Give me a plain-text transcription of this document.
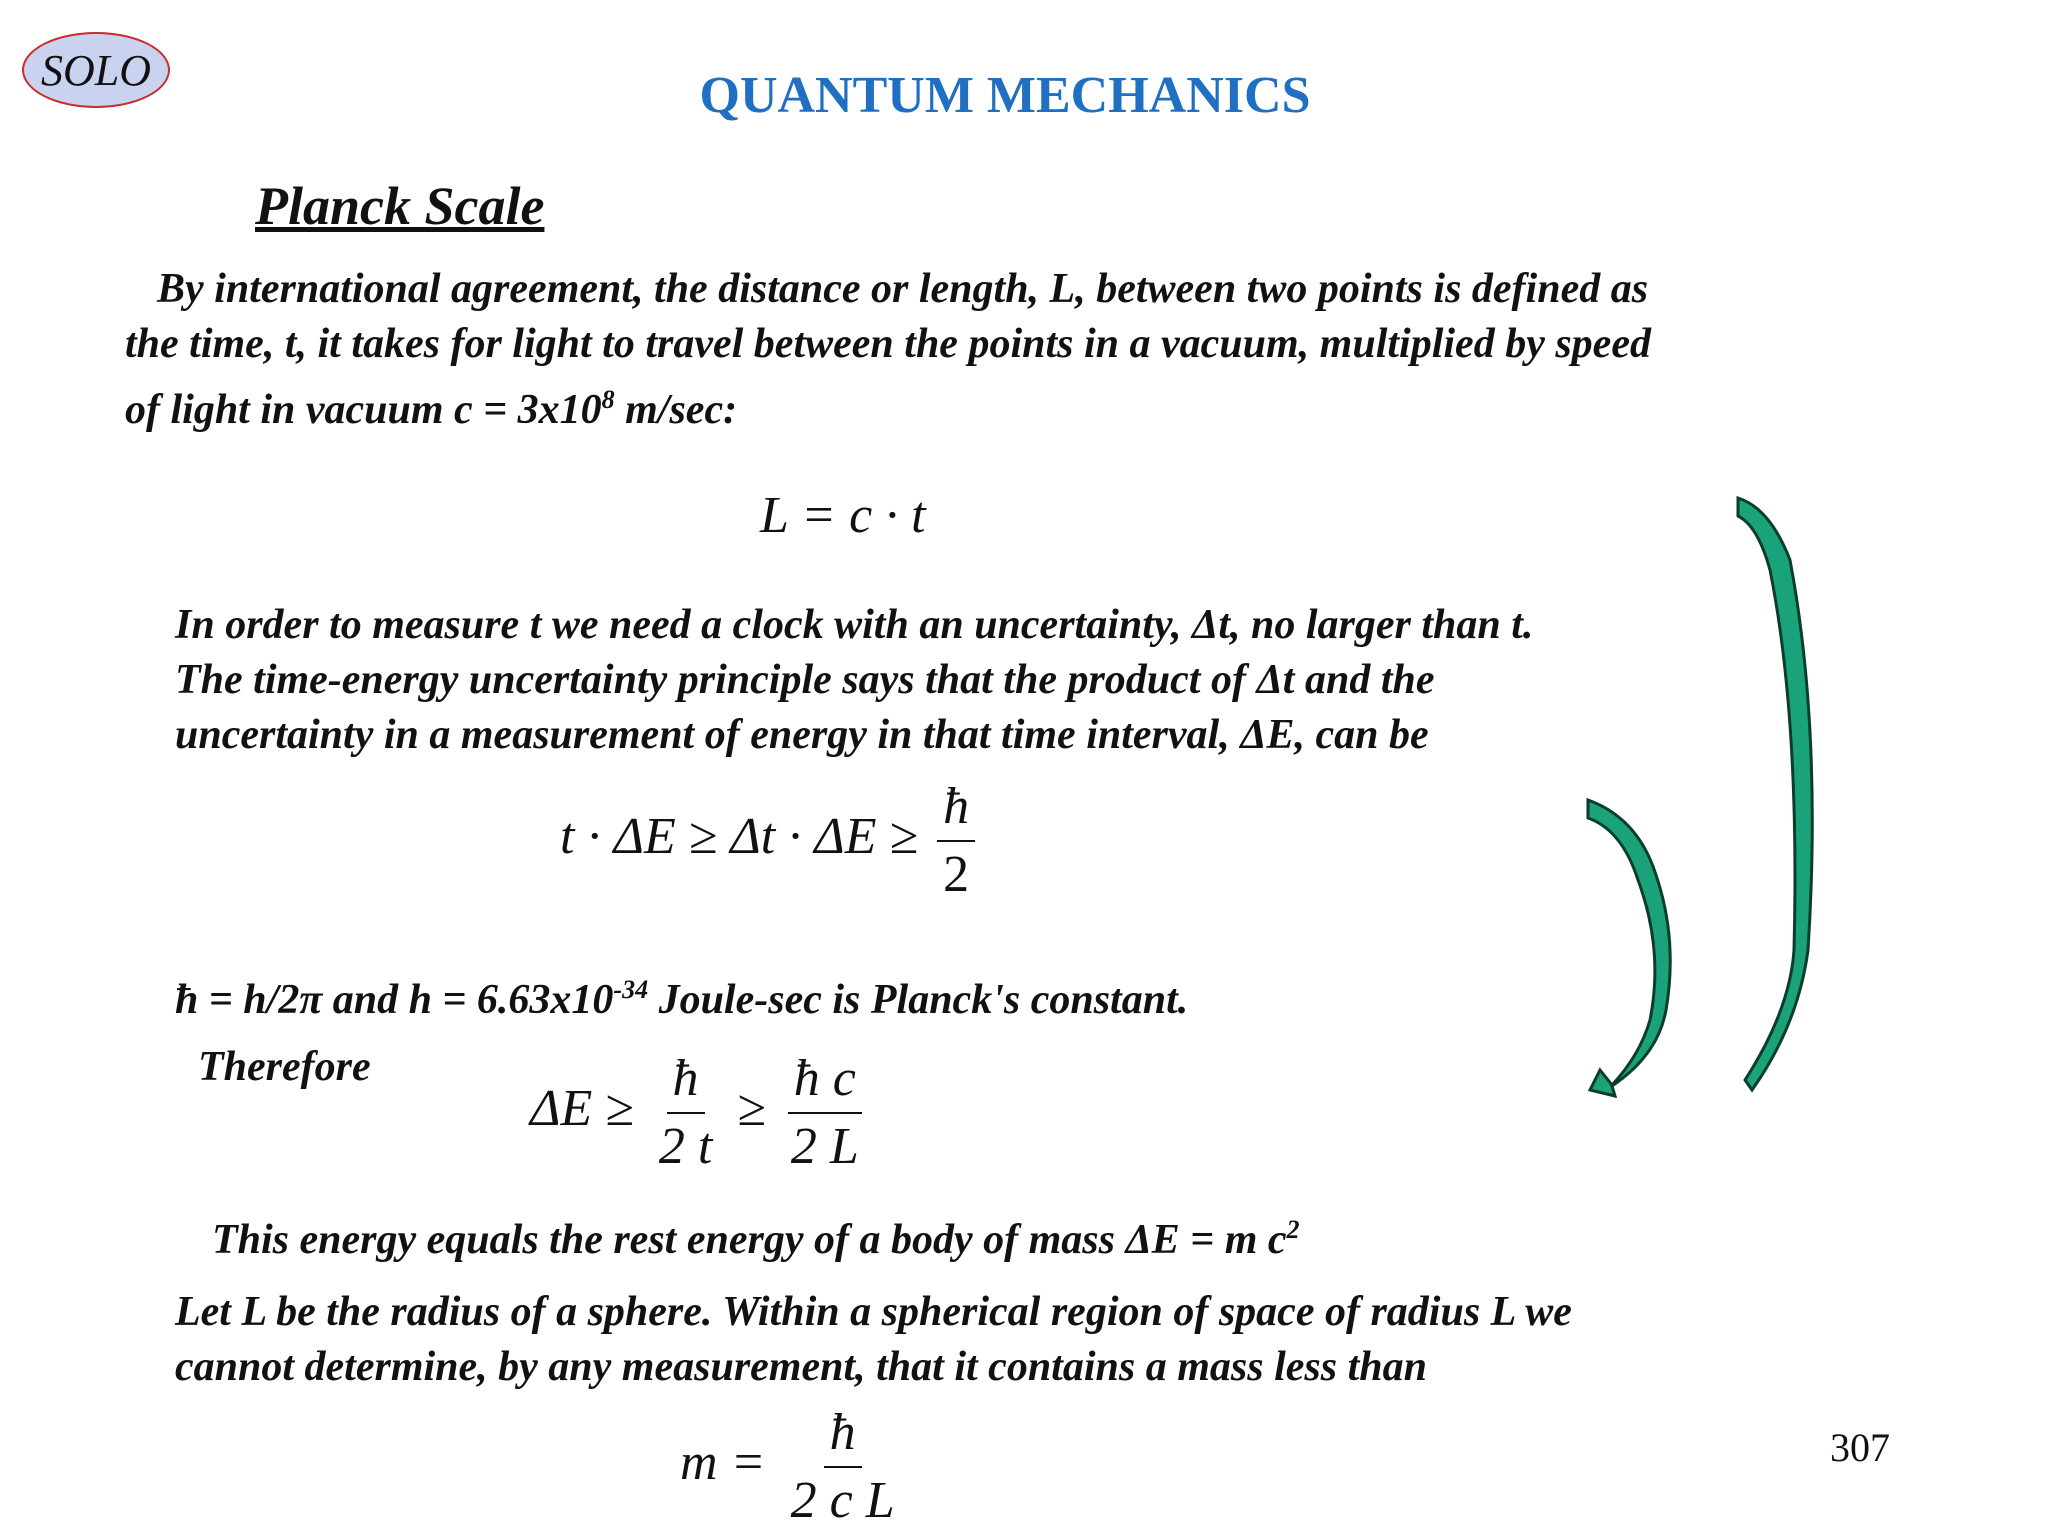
SOLO	QUANTUM MECHANICS
Planck Scale
By international agreement, the distance or length, L, between two points is defined as
the time, t, it takes for light to travel between the points in a vacuum, multiplied by speed
of light in vacuum $c = 3x10^8$ m/sec:
L = c · t
In order to measure t we need a clock with an uncertainty, Δt, no larger than t.
The time-energy uncertainty principle says that the product of Δt and the
uncertainty in a measurement of energy in that time interval, ΔE, can be
$t \cdot \Delta E \ge \Delta t \cdot \Delta E \ge \frac{ħ}{2}$
ħ = h/2π and $h = 6.63x10^{-34}$ Joule-sec is Planck's constant.
Therefore
$\Delta E \ge \frac{ħ}{2 t} \ge \frac{\text{ħ c}}{2 L}$
This energy equals the rest energy of a body of mass ΔE = m $c^2$
Let L be the radius of a sphere. Within a spherical region of space of radius L we
cannot determine, by any measurement, that it contains a mass less than
$m = \frac{ħ}{\text{2 c L}}$	307
